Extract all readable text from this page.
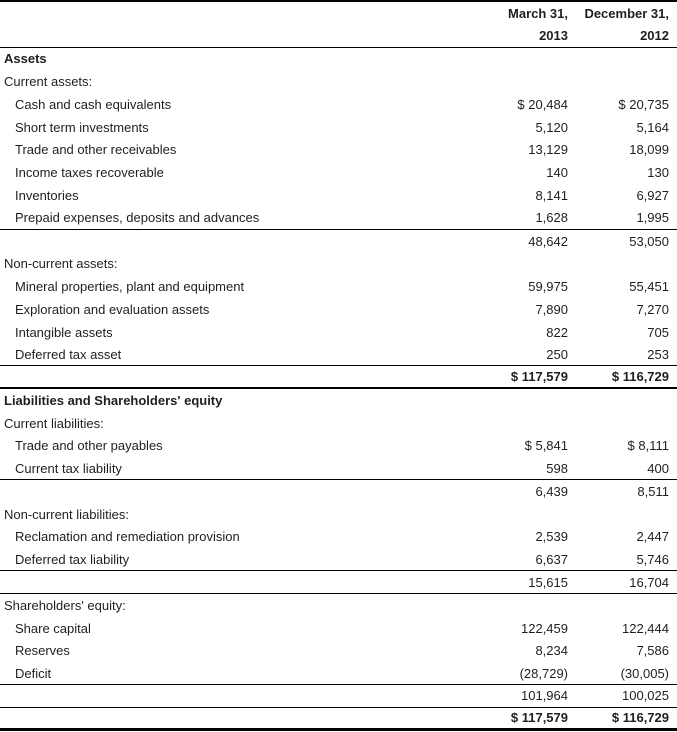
March 31,	December 31,
2013	2012
Assets
Current assets:
Cash and cash equivalents	$ 20,484	$ 20,735
Short term investments	5,120	5,164
Trade and other receivables	13,129	18,099
Income taxes recoverable	140	130
Inventories	8,141	6,927
Prepaid expenses, deposits and advances	1,628	1,995
48,642	53,050
Non-current assets:
Mineral properties, plant and equipment	59,975	55,451
Exploration and evaluation assets	7,890	7,270
Intangible assets	822	705
Deferred tax asset	250	253
$ 117,579	$ 116,729
Liabilities and Shareholders' equity
Current liabilities:
Trade and other payables	$ 5,841	$ 8,111
Current tax liability	598	400
6,439	8,511
Non-current liabilities:
Reclamation and remediation provision	2,539	2,447
Deferred tax liability	6,637	5,746
15,615	16,704
Shareholders' equity:
Share capital	122,459	122,444
Reserves	8,234	7,586
Deficit	(28,729)	(30,005)
101,964	100,025
$ 117,579	$ 116,729
